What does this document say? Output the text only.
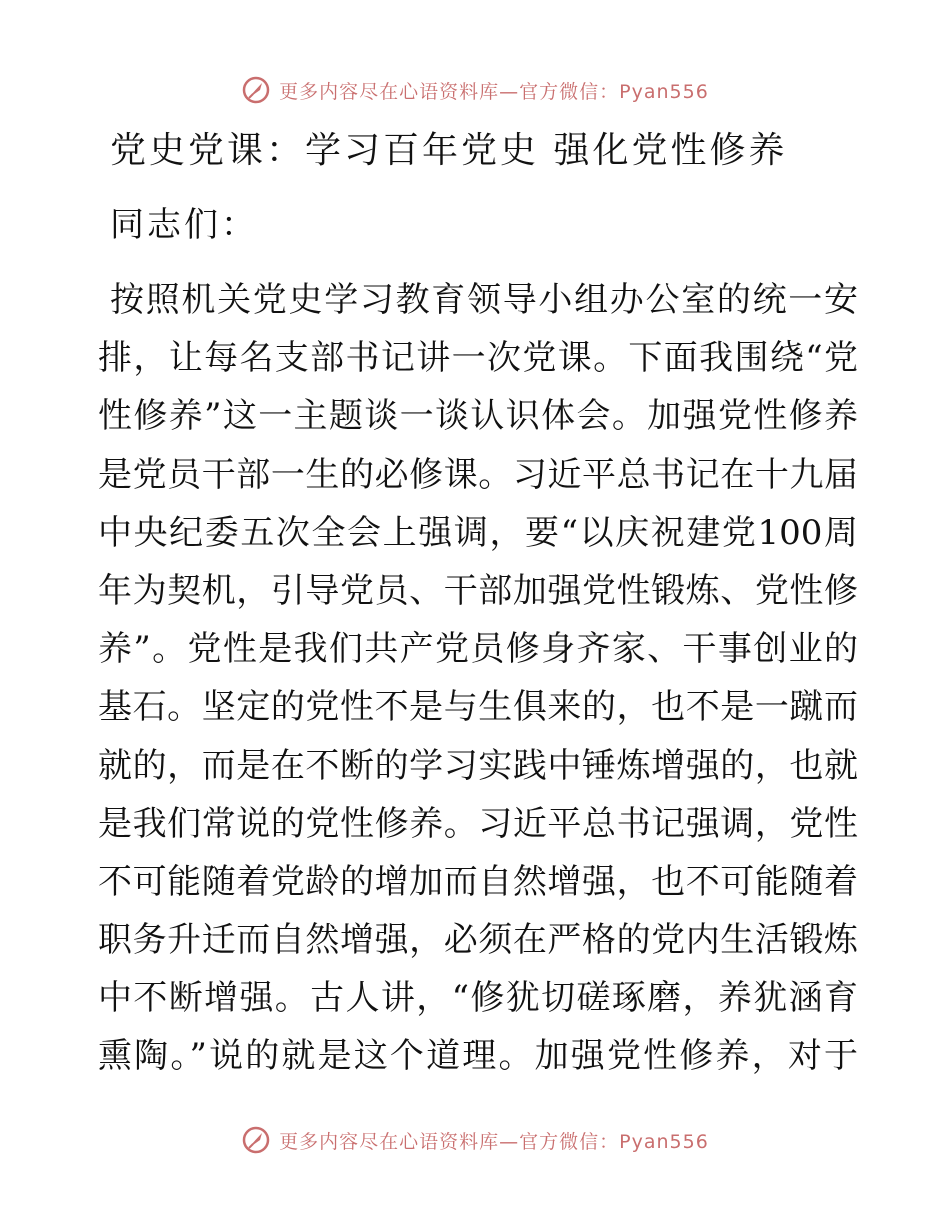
更多内容尽在心语资料库—官方微信：Pyan556
党史党课：学习百年党史 强化党性修养
同志们：
按照机关党史学习教育领导小组办公室的统一安
排，让每名支部书记讲一次党课。下面我围绕“党
性修养”这一主题谈一谈认识体会。加强党性修养
是党员干部一生的必修课。习近平总书记在十九届
中央纪委五次全会上强调，要“以庆祝建党100周
年为契机，引导党员、干部加强党性锻炼、党性修
养”。党性是我们共产党员修身齐家、干事创业的
基石。坚定的党性不是与生俱来的，也不是一蹴而
就的，而是在不断的学习实践中锤炼增强的，也就
是我们常说的党性修养。习近平总书记强调，党性
不可能随着党龄的增加而自然增强，也不可能随着
职务升迁而自然增强，必须在严格的党内生活锻炼
中不断增强。古人讲，“修犹切磋琢磨，养犹涵育
熏陶。”说的就是这个道理。加强党性修养，对于
更多内容尽在心语资料库—官方微信：Pyan556
